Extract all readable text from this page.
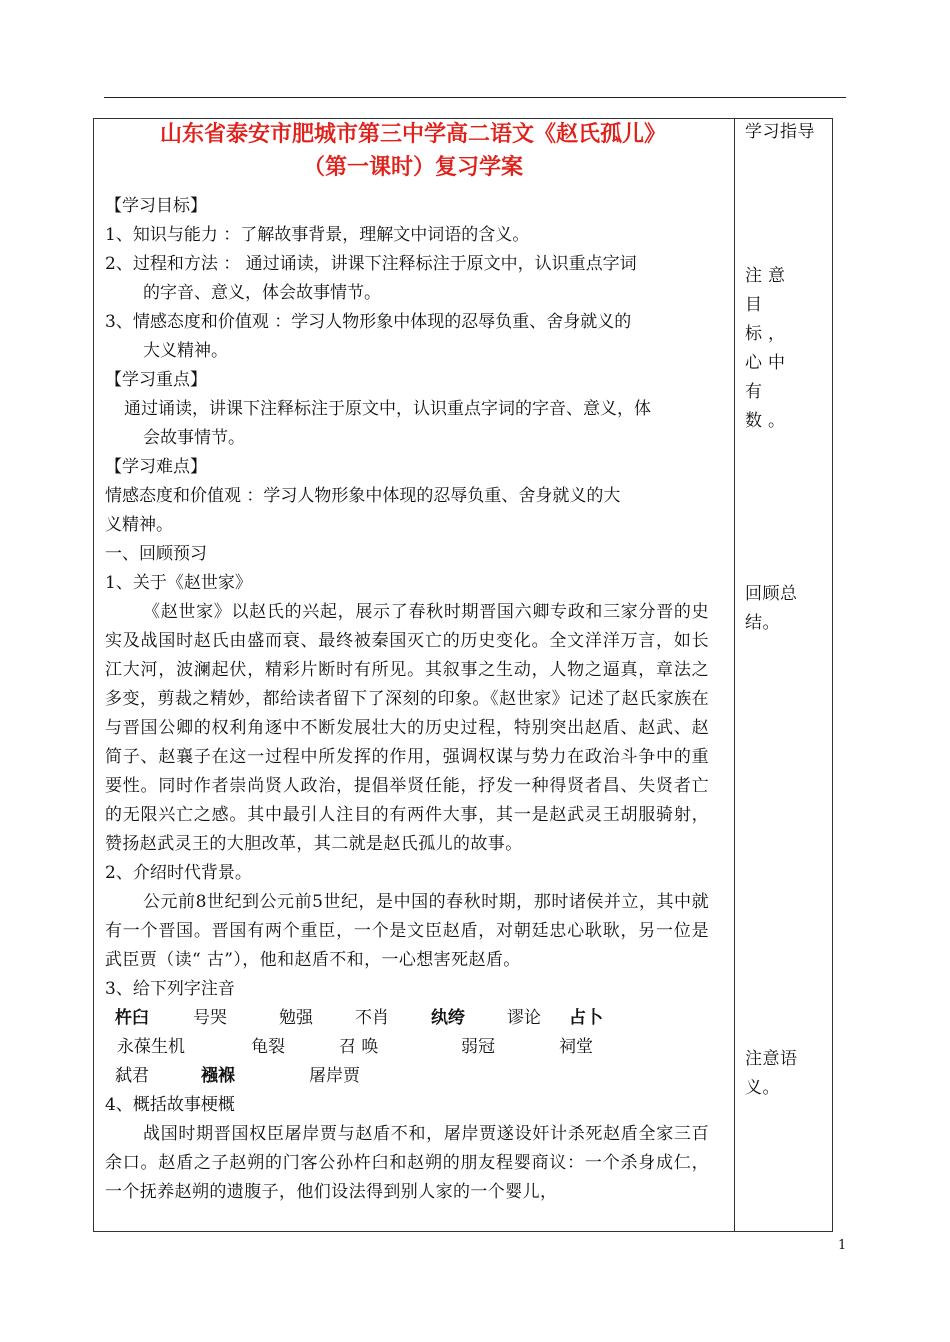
山东省泰安市肥城市第三中学高二语文《赵氏孤儿》
（第一课时）复习学案
【学习目标】
1、知识与能力 ：了解故事背景，理解文中词语的含义。
2、过程和方法 ： 通过诵读，讲课下注释标注于原文中，认识重点字词
的字音、意义，体会故事情节。
3、情感态度和价值观 ：学习人物形象中体现的忍辱负重、舍身就义的
大义精神。
【学习重点】
通过诵读，讲课下注释标注于原文中，认识重点字词的字音、意义，体
会故事情节。
【学习难点】
情感态度和价值观 ：学习人物形象中体现的忍辱负重、舍身就义的大
义精神。
一、回顾预习
1、关于《赵世家》
《赵世家》以赵氏的兴起，展示了春秋时期晋国六卿专政和三家分晋的史实及战国时赵氏由盛而衰、最终被秦国灭亡的历史变化。全文洋洋万言，如长江大河，波澜起伏，精彩片断时有所见。其叙事之生动，人物之逼真，章法之多变，剪裁之精妙，都给读者留下了深刻的印象。《赵世家》记述了赵氏家族在与晋国公卿的权利角逐中不断发展壮大的历史过程，特别突出赵盾、赵武、赵简子、赵襄子在这一过程中所发挥的作用，强调权谋与势力在政治斗争中的重要性。同时作者崇尚贤人政治，提倡举贤任能，抒发一种得贤者昌、失贤者亡的无限兴亡之感。其中最引人注目的有两件大事，其一是赵武灵王胡服骑射，赞扬赵武灵王的大胆改革，其二就是赵氏孤儿的故事。
2、介绍时代背景。
公元前8世纪到公元前5世纪，是中国的春秋时期，那时诸侯并立，其中就有一个晋国。晋国有两个重臣，一个是文臣赵盾，对朝廷忠心耿耿，另一位是武臣贾（读“ 古”），他和赵盾不和，一心想害死赵盾。
3、给下列字注音
杵臼	号哭	勉强 不肖 纨绔 谬论 占卜
永葆生机	龟裂	召 唤	弱冠	祠堂
弑君	襁褓	屠岸贾
4、概括故事梗概
战国时期晋国权臣屠岸贾与赵盾不和，屠岸贾遂设奸计杀死赵盾全家三百余口。赵盾之子赵朔的门客公孙杵臼和赵朔的朋友程婴商议：一个杀身成仁，一个抚养赵朔的遗腹子，他们设法得到别人家的一个婴儿，
学习指导
注意目标，心中有数。
回顾总结。
注意语义。
1
